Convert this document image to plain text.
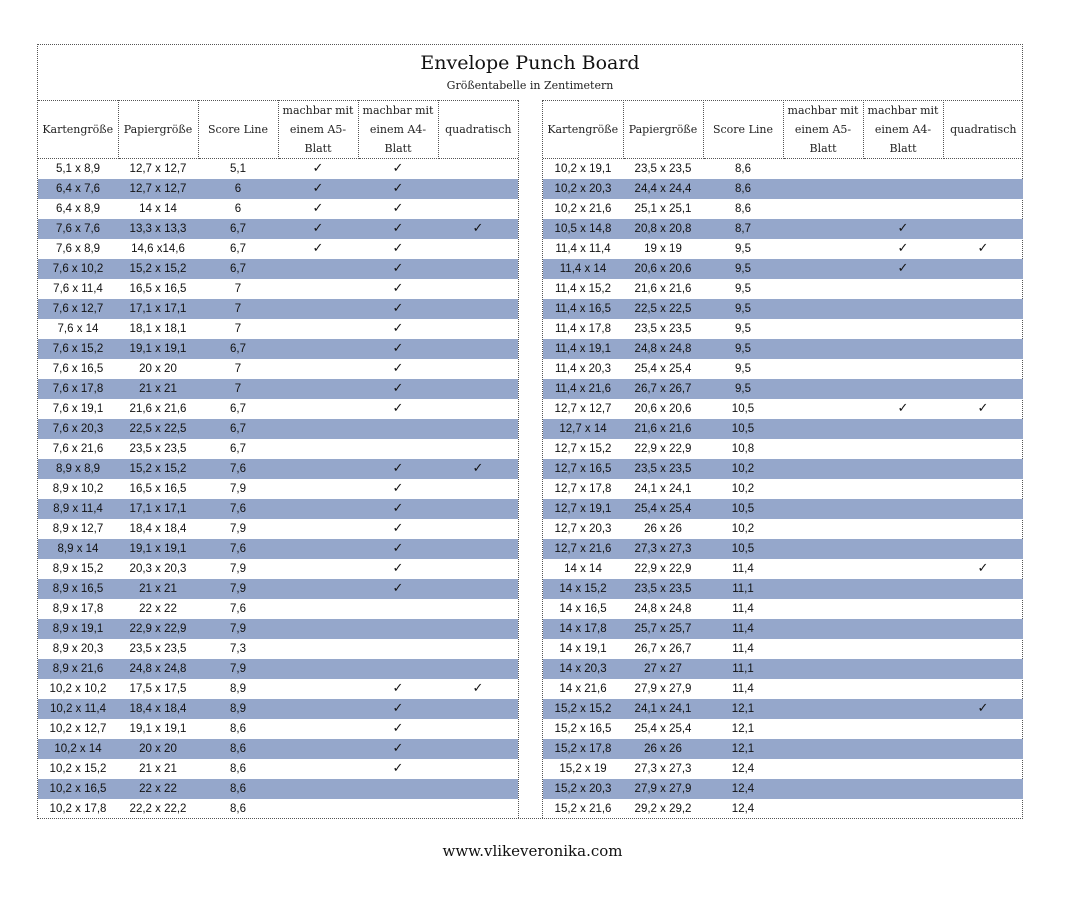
Envelope Punch Board
Größentabelle in Zentimetern
Kartengröße	Papiergröße	Score Line	machbar mit einem A5-Blatt	machbar mit einem A4-Blatt	quadratisch
5,1 x 8,9	12,7 x 12,7	5,1	✓	✓	
6,4 x 7,6	12,7 x 12,7	6	✓	✓	
6,4 x 8,9	14 x 14	6	✓	✓	
7,6 x 7,6	13,3 x 13,3	6,7	✓	✓	✓
7,6 x 8,9	14,6 x14,6	6,7	✓	✓	
7,6 x 10,2	15,2 x 15,2	6,7		✓	
7,6 x 11,4	16,5 x 16,5	7		✓	
7,6 x 12,7	17,1 x 17,1	7		✓	
7,6 x 14	18,1 x 18,1	7		✓	
7,6 x 15,2	19,1 x 19,1	6,7		✓	
7,6 x 16,5	20 x 20	7		✓	
7,6 x 17,8	21 x 21	7		✓	
7,6 x 19,1	21,6 x 21,6	6,7		✓	
7,6 x 20,3	22,5 x 22,5	6,7			
7,6 x 21,6	23,5 x 23,5	6,7			
8,9 x 8,9	15,2 x 15,2	7,6		✓	✓
8,9 x 10,2	16,5 x 16,5	7,9		✓	
8,9 x 11,4	17,1 x 17,1	7,6		✓	
8,9 x 12,7	18,4 x 18,4	7,9		✓	
8,9 x 14	19,1 x 19,1	7,6		✓	
8,9 x 15,2	20,3 x 20,3	7,9		✓	
8,9 x 16,5	21 x 21	7,9		✓	
8,9 x 17,8	22 x 22	7,6			
8,9 x 19,1	22,9 x 22,9	7,9			
8,9 x 20,3	23,5 x 23,5	7,3			
8,9 x 21,6	24,8 x 24,8	7,9			
10,2 x 10,2	17,5 x 17,5	8,9		✓	✓
10,2 x 11,4	18,4 x 18,4	8,9		✓	
10,2 x 12,7	19,1 x 19,1	8,6		✓	
10,2 x 14	20 x 20	8,6		✓	
10,2 x 15,2	21 x 21	8,6		✓	
10,2 x 16,5	22 x 22	8,6			
10,2 x 17,8	22,2 x 22,2	8,6			
Kartengröße	Papiergröße	Score Line	machbar mit einem A5-Blatt	machbar mit einem A4-Blatt	quadratisch
10,2 x 19,1	23,5 x 23,5	8,6			
10,2 x 20,3	24,4 x 24,4	8,6			
10,2 x 21,6	25,1 x 25,1	8,6			
10,5 x 14,8	20,8 x 20,8	8,7		✓	
11,4 x 11,4	19 x 19	9,5		✓	✓
11,4 x 14	20,6 x 20,6	9,5		✓	
11,4 x 15,2	21,6 x 21,6	9,5			
11,4 x 16,5	22,5 x 22,5	9,5			
11,4 x 17,8	23,5 x 23,5	9,5			
11,4 x 19,1	24,8 x 24,8	9,5			
11,4 x 20,3	25,4 x 25,4	9,5			
11,4 x 21,6	26,7 x 26,7	9,5			
12,7 x 12,7	20,6 x 20,6	10,5		✓	✓
12,7 x 14	21,6 x 21,6	10,5			
12,7 x 15,2	22,9 x 22,9	10,8			
12,7 x 16,5	23,5 x 23,5	10,2			
12,7 x 17,8	24,1 x 24,1	10,2			
12,7 x 19,1	25,4 x 25,4	10,5			
12,7 x 20,3	26 x 26	10,2			
12,7 x 21,6	27,3 x 27,3	10,5			
14 x 14	22,9 x 22,9	11,4			✓
14 x 15,2	23,5 x 23,5	11,1			
14 x 16,5	24,8 x 24,8	11,4			
14 x 17,8	25,7 x 25,7	11,4			
14 x 19,1	26,7 x 26,7	11,4			
14 x 20,3	27 x 27	11,1			
14 x 21,6	27,9 x 27,9	11,4			
15,2 x 15,2	24,1 x 24,1	12,1			✓
15,2 x 16,5	25,4 x 25,4	12,1			
15,2 x 17,8	26 x 26	12,1			
15,2 x 19	27,3 x 27,3	12,4			
15,2 x 20,3	27,9 x 27,9	12,4			
15,2 x 21,6	29,2 x 29,2	12,4			
www.vlikeveronika.com
